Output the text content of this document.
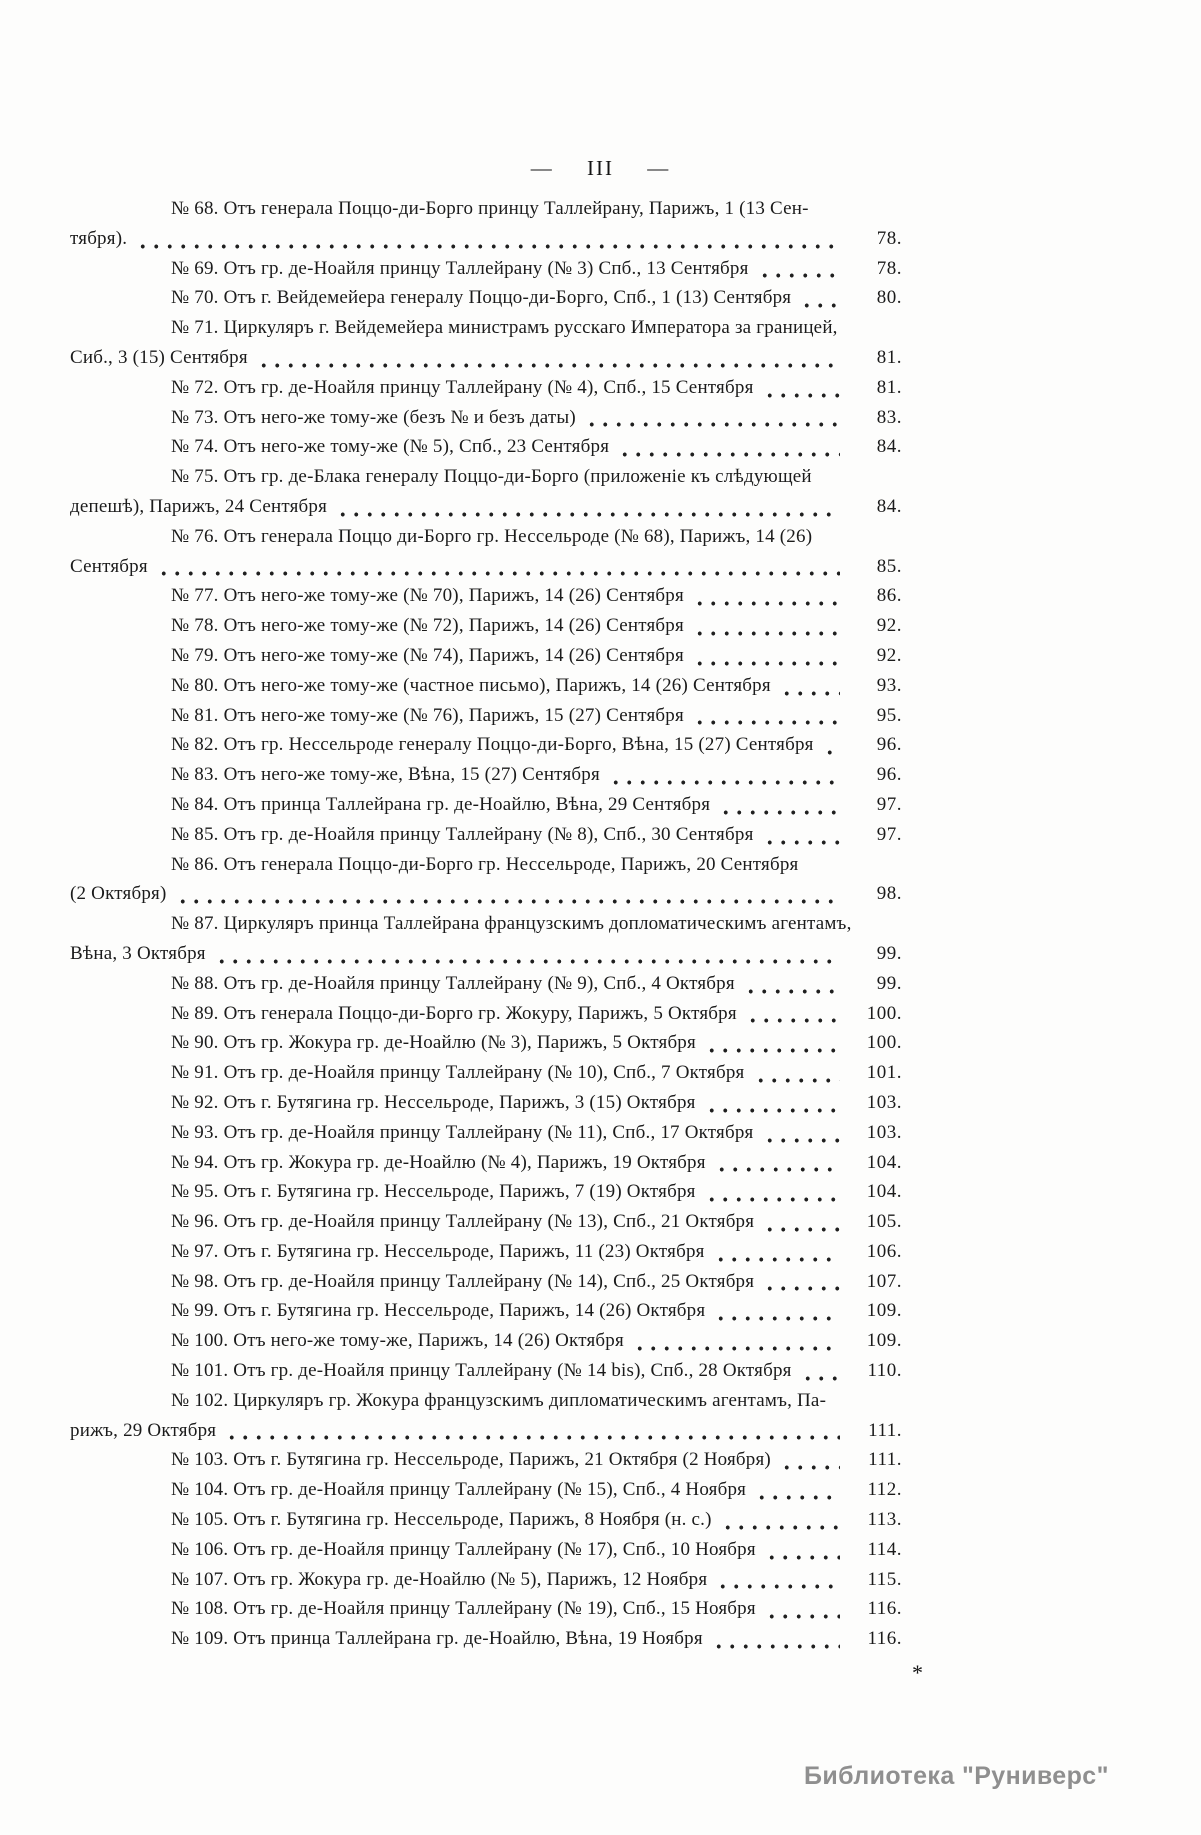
— III —
№ 68. Отъ генерала Поццо-ди-Борго принцу Таллейрану, Парижъ, 1 (13 Сен-
тября).	78.
№ 69. Отъ гр. де-Ноайля принцу Таллейрану (№ 3) Спб., 13 Сентября	78.
№ 70. Отъ г. Вейдемейера генералу Поццо-ди-Борго, Спб., 1 (13) Сентября	80.
№ 71. Циркуляръ г. Вейдемейера министрамъ русскаго Императора за границей,
Сиб., 3 (15) Сентября	81.
№ 72. Отъ гр. де-Ноайля принцу Таллейрану (№ 4), Спб., 15 Сентября	81.
№ 73. Отъ него-же тому-же (безъ № и безъ даты)	83.
№ 74. Отъ него-же тому-же (№ 5), Спб., 23 Сентября	84.
№ 75. Отъ гр. де-Блака генералу Поццо-ди-Борго (приложеніе къ слѣдующей
депешѣ), Парижъ, 24 Сентября	84.
№ 76. Отъ генерала Поццо ди-Борго гр. Нессельроде (№ 68), Парижъ, 14 (26)
Сентября	85.
№ 77. Отъ него-же тому-же (№ 70), Парижъ, 14 (26) Сентября	86.
№ 78. Отъ него-же тому-же (№ 72), Парижъ, 14 (26) Сентября	92.
№ 79. Отъ него-же тому-же (№ 74), Парижъ, 14 (26) Сентября	92.
№ 80. Отъ него-же тому-же (частное письмо), Парижъ, 14 (26) Сентября	93.
№ 81. Отъ него-же тому-же (№ 76), Парижъ, 15 (27) Сентября	95.
№ 82. Отъ гр. Нессельроде генералу Поццо-ди-Борго, Вѣна, 15 (27) Сентября	96.
№ 83. Отъ него-же тому-же, Вѣна, 15 (27) Сентября	96.
№ 84. Отъ принца Таллейрана гр. де-Ноайлю, Вѣна, 29 Сентября	97.
№ 85. Отъ гр. де-Ноайля принцу Таллейрану (№ 8), Спб., 30 Сентября	97.
№ 86. Отъ генерала Поццо-ди-Борго гр. Нессельроде, Парижъ, 20 Сентября
(2 Октября)	98.
№ 87. Циркуляръ принца Таллейрана французскимъ допломатическимъ агентамъ,
Вѣна, 3 Октября	99.
№ 88. Отъ гр. де-Ноайля принцу Таллейрану (№ 9), Спб., 4 Октября	99.
№ 89. Отъ генерала Поццо-ди-Борго гр. Жокуру, Парижъ, 5 Октября	100.
№ 90. Отъ гр. Жокура гр. де-Ноайлю (№ 3), Парижъ, 5 Октября	100.
№ 91. Отъ гр. де-Ноайля принцу Таллейрану (№ 10), Спб., 7 Октября	101.
№ 92. Отъ г. Бутягина гр. Нессельроде, Парижъ, 3 (15) Октября	103.
№ 93. Отъ гр. де-Ноайля принцу Таллейрану (№ 11), Спб., 17 Октября	103.
№ 94. Отъ гр. Жокура гр. де-Ноайлю (№ 4), Парижъ, 19 Октября	104.
№ 95. Отъ г. Бутягина гр. Нессельроде, Парижъ, 7 (19) Октября	104.
№ 96. Отъ гр. де-Ноайля принцу Таллейрану (№ 13), Спб., 21 Октября	105.
№ 97. Отъ г. Бутягина гр. Нессельроде, Парижъ, 11 (23) Октября	106.
№ 98. Отъ гр. де-Ноайля принцу Таллейрану (№ 14), Спб., 25 Октября	107.
№ 99. Отъ г. Бутягина гр. Нессельроде, Парижъ, 14 (26) Октября	109.
№ 100. Отъ него-же тому-же, Парижъ, 14 (26) Октября	109.
№ 101. Отъ гр. де-Ноайля принцу Таллейрану (№ 14 bis), Спб., 28 Октября	110.
№ 102. Циркуляръ гр. Жокура французскимъ дипломатическимъ агентамъ, Па-
рижъ, 29 Октября	111.
№ 103. Отъ г. Бутягина гр. Нессельроде, Парижъ, 21 Октября (2 Ноября)	111.
№ 104. Отъ гр. де-Ноайля принцу Таллейрану (№ 15), Спб., 4 Ноября	112.
№ 105. Отъ г. Бутягина гр. Нессельроде, Парижъ, 8 Ноября (н. с.)	113.
№ 106. Отъ гр. де-Ноайля принцу Таллейрану (№ 17), Спб., 10 Ноября	114.
№ 107. Отъ гр. Жокура гр. де-Ноайлю (№ 5), Парижъ, 12 Ноября	115.
№ 108. Отъ гр. де-Ноайля принцу Таллейрану (№ 19), Спб., 15 Ноября	116.
№ 109. Отъ принца Таллейрана гр. де-Ноайлю, Вѣна, 19 Ноября	116.
*
Библиотека "Руниверс"
